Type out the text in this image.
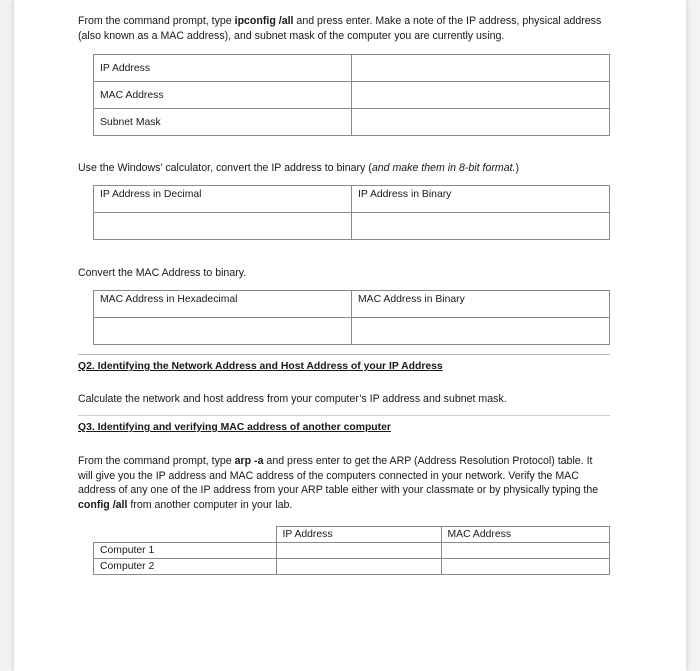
From the command prompt, type ipconfig /all and press enter. Make a note of the IP address, physical address (also known as a MAC address), and subnet mask of the computer you are currently using.
IP Address	
MAC Address	
Subnet Mask	
Use the Windows’ calculator, convert the IP address to binary (and make them in 8-bit format.)
IP Address in Decimal	IP Address in Binary

Convert the MAC Address to binary.
MAC Address in Hexadecimal	MAC Address in Binary

Q2. Identifying the Network Address and Host Address of your IP Address
Calculate the network and host address from your computer’s IP address and subnet mask.
Q3. Identifying and verifying MAC address of another computer
From the command prompt, type arp -a and press enter to get the ARP (Address Resolution Protocol) table. It will give you the IP address and MAC address of the computers connected in your network. Verify the MAC address of any one of the IP address from your ARP table either with your classmate or by physically typing the config /all from another computer in your lab.
	IP Address	MAC Address
Computer 1		
Computer 2		
